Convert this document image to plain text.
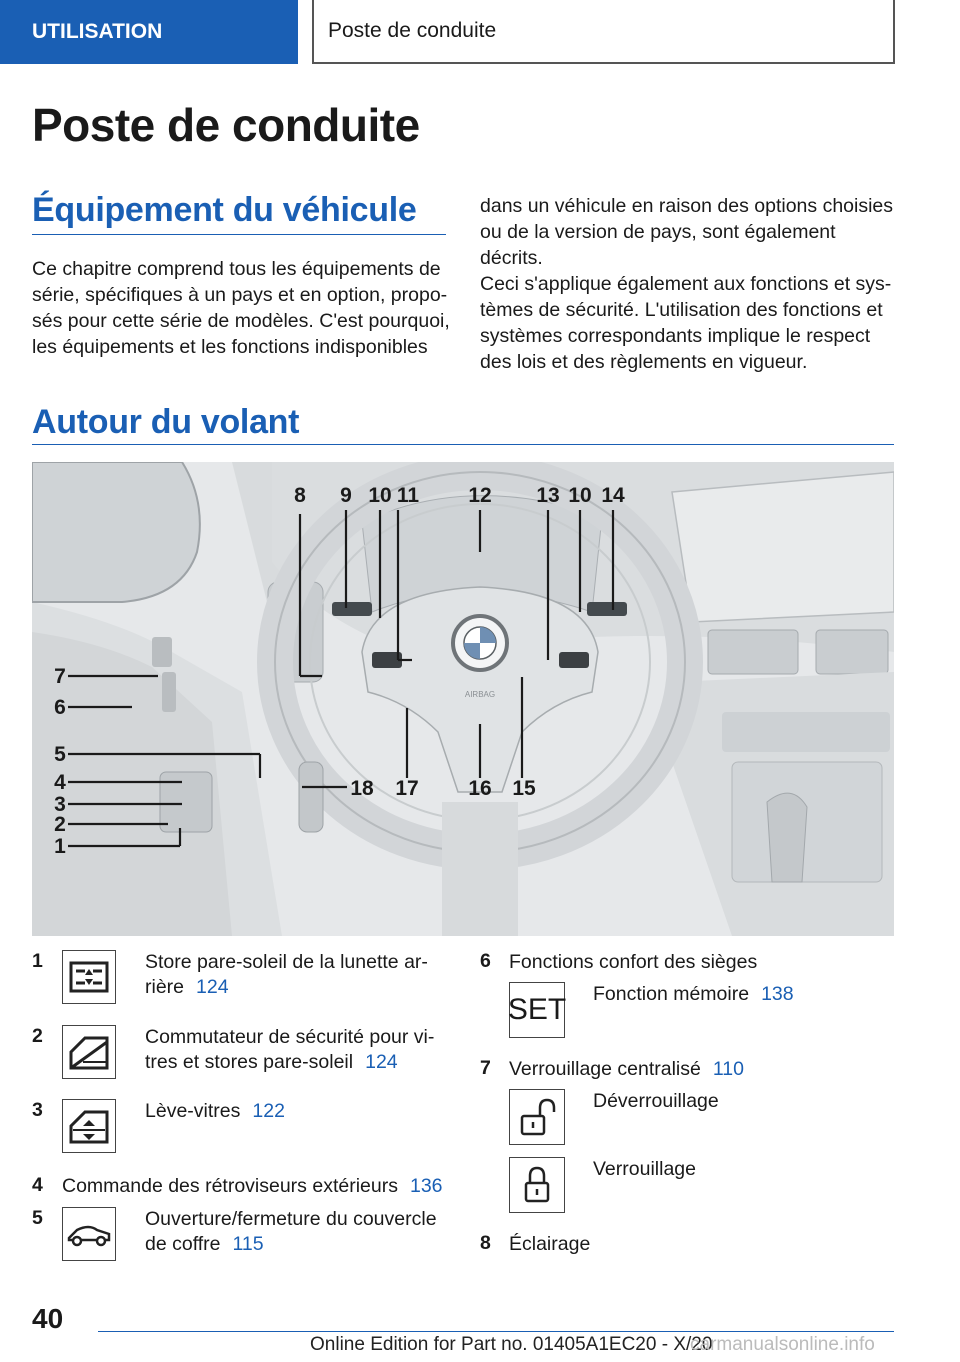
UTILISATION	Poste de conduite
Poste de conduite
Équipement du véhicule
Ce chapitre comprend tous les équipements de
série, spécifiques à un pays et en option, propo‐
sés pour cette série de modèles. C'est pourquoi,
les équipements et les fonctions indisponibles
dans un véhicule en raison des options choisies
ou de la version de pays, sont également décrits.
Ceci s'applique également aux fonctions et sys‐
tèmes de sécurité. L'utilisation des fonctions et
systèmes correspondants implique le respect
des lois et des règlements en vigueur.
Autour du volant
AIRBAG
8 9 10 11 12 13 10 14
7
6
5
4
3
2
1
18 17 16 15
1	Store pare-soleil de la lunette ar‐
rière 124
2	Commutateur de sécurité pour vi‐
tres et stores pare-soleil 124
3	Lève-vitres 122
4 Commande des rétroviseurs extérieurs 136
5	Ouverture/fermeture du couvercle
de coffre 115
6 Fonctions confort des sièges
SET Fonction mémoire 138
7 Verrouillage centralisé 110
Déverrouillage
Verrouillage
8 Éclairage
40
Online Edition for Part no. 01405A1EC20 - X/20
carmanualsonline.info
